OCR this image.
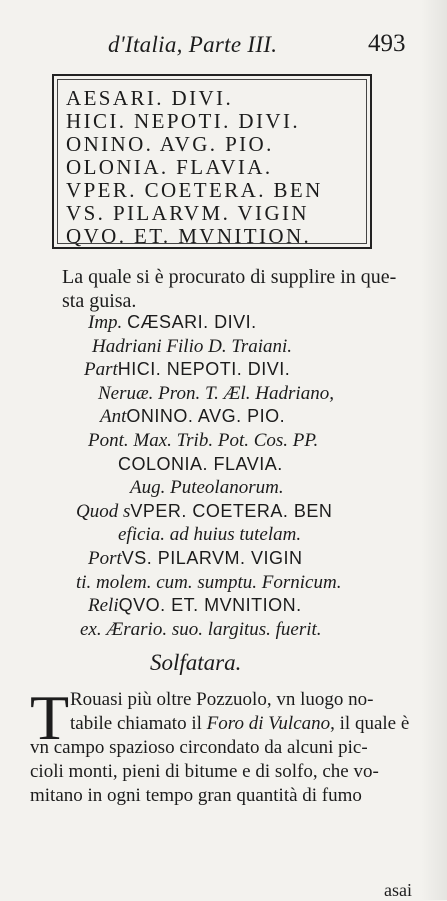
d'Italia, Parte III.	493
AESARI. DIVI.
HICI. NEPOTI. DIVI.
ONINO. AVG. PIO.
OLONIA. FLAVIA.
VPER. COETERA. BEN
VS. PILARVM. VIGIN
QVO. ET. MVNITION.
La quale si è procurato di supplire in que-
sta guisa.
Imp. CÆSARI. DIVI.
Hadriani Filio D. Traiani.
PartHICI. NEPOTI. DIVI.
Neruæ. Pron. T. Æl. Hadriano,
AntONINO. AVG. PIO.
Pont. Max. Trib. Pot. Cos. PP.
COLONIA. FLAVIA.
Aug. Puteolanorum.
Quod sVPER. COETERA. BEN
eficia. ad huius tutelam.
PortVS. PILARVM. VIGIN
ti. molem. cum. sumptu. Fornicum.
ReliQVO. ET. MVNITION.
ex. Ærario. suo. largitus. fuerit.
Solfatara.
T Rouasi più oltre Pozzuolo, vn luogo no-
tabile chiamato il Foro di Vulcano, il quale è
vn campo spazioso circondato da alcuni pic-
cioli monti, pieni di bitume e di solfo, che vo-
mitano in ogni tempo gran quantità di fumo
asai
